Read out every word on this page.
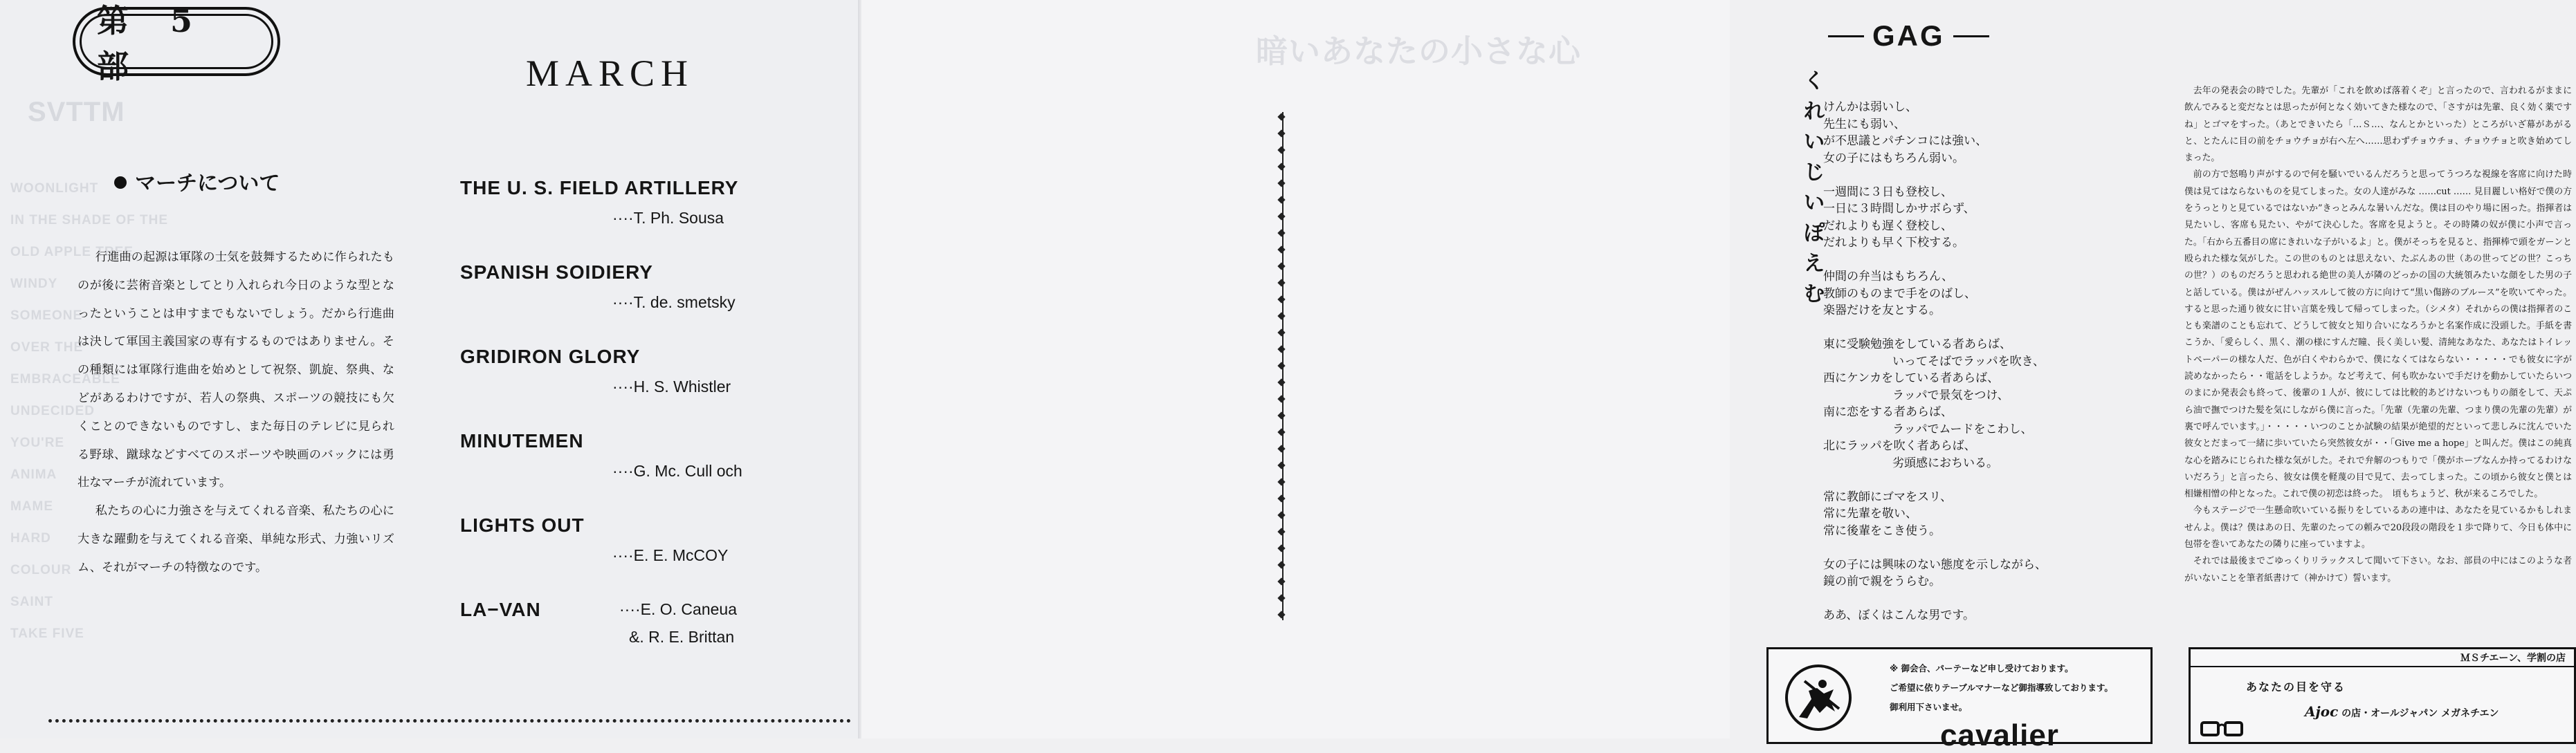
SVTTM
WOONLIGHT
IN THE SHADE OF THE
OLD APPLE TREE
WINDY
SOMEONE
OVER THE
EMBRACEABLE
UNDECIDED
YOU'RE
ANIMA
MAME
HARD
COLOUR
SAINT
TAKE FIVE
第 5 部
マーチについて

行進曲の起源は軍隊の士気を鼓舞するために作られたものが後に芸術音楽としてとり入れられ今日のような型となったということは申すまでもないでしょう。だから行進曲は決して軍国主義国家の専有するものではありません。その種類には軍隊行進曲を始めとして祝祭、凱旋、祭典、などがあるわけですが、若人の祭典、スポーツの競技にも欠くことのできないものですし、また毎日のテレビに見られる野球、蹴球などすべてのスポーツや映画のバックには勇壮なマーチが流れています。

私たちの心に力強さを与えてくれる音楽、私たちの心に大きな躍動を与えてくれる音楽、単純な形式、力強いリズム、それがマーチの特徴なのです。

MARCH
THE U. S. FIELD ARTILLERY
····T. Ph. Sousa
SPANISH SOIDIERY
····T. de. smetsky
GRIDIRON GLORY
····H. S. Whistler
MINUTEMEN
····G. Mc. Cull och
LIGHTS OUT
····E. E. McCOY
LA−VAN	····E. O. Caneua
&. R. E. Brittan
暗いあなたの小さな心	GAG
くれいじい ぽえむ
けんかは弱いし、
先生にも弱い、
が不思議とパチンコには強い、
女の子にはもちろん弱い。
一週間に３日も登校し、
一日に３時間しかサボらず、
だれよりも遅く登校し、
だれよりも早く下校する。
仲間の弁当はもちろん、
教師のものまで手をのばし、
楽器だけを友とする。
東に受験勉強をしている者あらば、
いってそばでラッパを吹き、
西にケンカをしている者あらば、
ラッパで景気をつけ、
南に恋をする者あらば、
ラッパでムードをこわし、
北にラッパを吹く者あらば、
劣頭感におちいる。
常に教師にゴマをスリ、
常に先輩を敬い、
常に後輩をこき使う。
女の子には興味のない態度を示しながら、
鏡の前で親をうらむ。
ああ、ぼくはこんな男です。

去年の発表会の時でした。先輩が「これを飲めば落着くぞ」と言ったので、言われるがままに飲んでみると変だなとは思ったが何となく効いてきた様なので、「さすがは先輩、良く効く薬ですね」とゴマをすった。（あとできいたら「…Ｓ…、なんとかといった）ところがいざ幕があがると、とたんに目の前をチョウチョが右へ左へ……思わずチョウチョ、チョウチョと吹き始めてしまった。

前の方で怒鳴り声がするので何を騒いでいるんだろうと思ってうつろな視線を客席に向けた時僕は見てはならないものを見てしまった。女の人達がみな ……cut …… 見目麗しい格好で僕の方をうっとりと見ているではないか”きっとみんな暑いんだな。僕は目のやり場に困った。指揮者は見たいし、客席も見たい、やがて決心した。客席を見ようと。その時隣の奴が僕に小声で言った。「右から五番目の席にきれいな子がいるよ」と。僕がそっちを見ると、指揮棒で頭をガーンと殴られた様な気がした。この世のものとは思えない、たぶんあの世（あの世ってどの世？こっちの世？）のものだろうと思われる絶世の美人が隣のどっかの国の大統領みたいな顔をした男の子と話している。僕はがぜんハッスルして彼の方に向けて“黒い傷跡のブルース”を吹いてやった。すると思った通り彼女に甘い言葉を残して帰ってしまった。（シメタ）それからの僕は指揮者のことも楽譜のことも忘れて、どうして彼女と知り合いになろうかと名案作成に没頭した。手紙を書こうか、「愛らしく、黒く、潮の様にすんだ瞳、長く美しい髪、清純なあなた、あなたはトイレットペーパーの様な人だ、色が白くやわらかで、僕になくてはならない・・・・・でも彼女に字が読めなかったら・・電話をしようか。など考えて、何も吹かないで手だけを動かしていたらいつのまにか発表会も終って、後輩の１人が、彼にしては比較的あどけないつもりの顔をして、天ぷら油で撫でつけた髪を気にしながら僕に言った。「先輩（先輩の先輩、つまり僕の先輩の先輩）が裏で呼んでいます。」・・・・・いつのことか試験の結果が絶望的だといって悲しみに沈んでいた彼女とだまって一緒に歩いていたら突然彼女が・・「Give me a hope」と叫んだ。僕はこの純真な心を踏みにじられた様な気がした。それで弁解のつもりで「僕がホープなんか持ってるわけないだろう」と言ったら、彼女は僕を軽蔑の目で見て、去ってしまった。この頃から彼女と僕とは相嫌相憎の仲となった。これで僕の初恋は終った。　頃もちょうど、秋が来るころでした。

今もステージで一生懸命吹いている振りをしているあの連中は、あなたを見ているかもしれませんよ。僕は？僕はあの日、先輩のたっての頼みで20段段の階段を１歩で降りて、今日も体中に包帯を巻いてあなたの隣りに座っていますよ。

それでは最後までごゆっくりリラックスして聞いて下さい。なお、部員の中にはこのような者がいないことを筆者紙書けて（神かけて）誓います。

※ 御会合、パーテーなど申し受けております。
ご希望に依りテーブルマナーなど御指導致しております。
御利用下さいませ。
cavalier
ＭＳチエーン、学割の店
あなたの目を守る
Ajoc の店・オールジャパン メガネチエン
